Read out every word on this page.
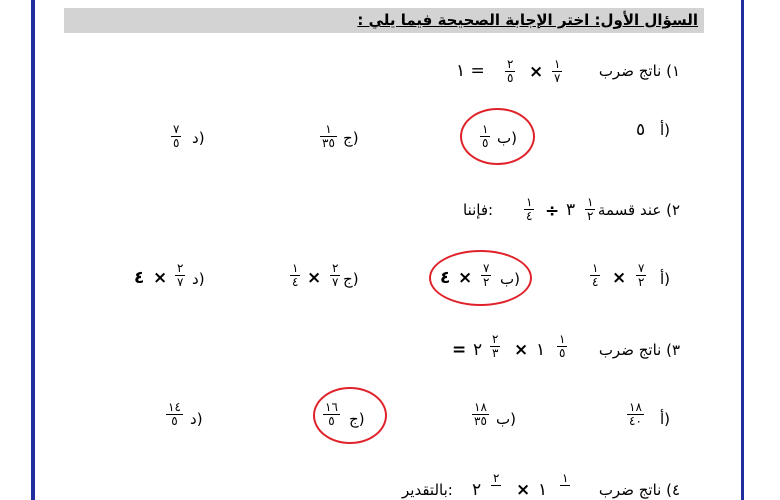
السؤال الأول: اختر الإجابة الصحيحة فيما يلي :
١) ناتج ضرب
١
٧
×
٢
٥
= ١
أ)
٥
ب)
١
٥
ج)
١
٣٥
د)
٧
٥
٢) عند قسمة
١
٢
٣
÷
١
٤
فإننا:
أ)
٧
٢
×
١
٤
ب)
٧
٢
×
٤
ج)
٢
٧
×
١
٤
د)
٢
٧
×
٤
٣) ناتج ضرب
١
٥
١
×
٢
٣
٢
=
أ)
١٨
٤٠
ب)
١٨
٣٥
ج)
١٦
٥
د)
١٤
٥
٤) ناتج ضرب
١
١
×
٢
٢
بالتقدير:
